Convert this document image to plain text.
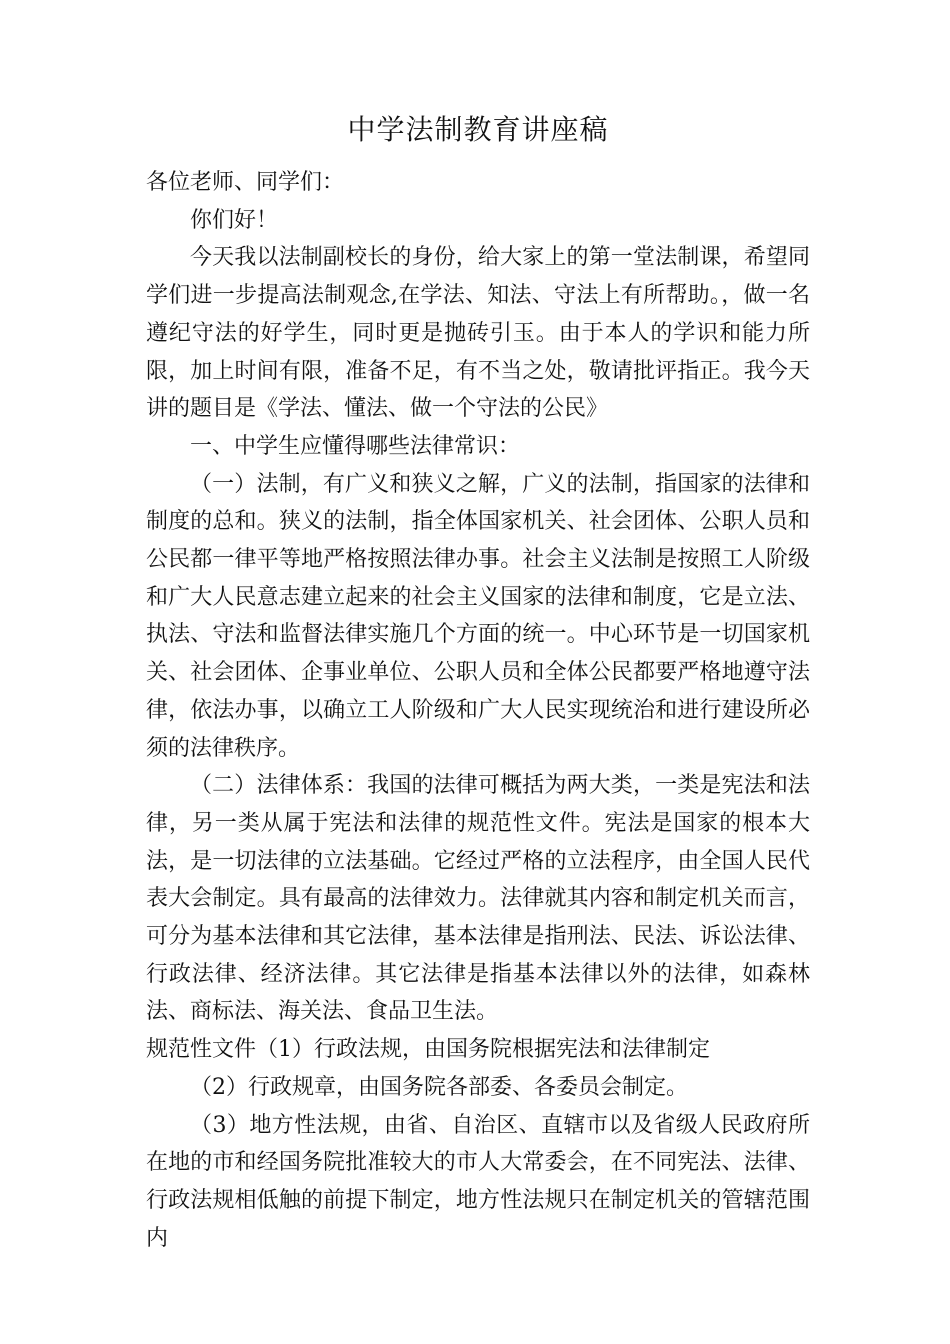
中学法制教育讲座稿

各位老师、同学们：

你们好！

今天我以法制副校长的身份，给大家上的第一堂法制课，希望同学们进一步提高法制观念,在学法、知法、守法上有所帮助。，做一名遵纪守法的好学生，同时更是抛砖引玉。由于本人的学识和能力所限，加上时间有限，准备不足，有不当之处，敬请批评指正。我今天讲的题目是《学法、懂法、做一个守法的公民》

一、中学生应懂得哪些法律常识：

（一）法制，有广义和狭义之解，广义的法制，指国家的法律和制度的总和。狭义的法制，指全体国家机关、社会团体、公职人员和公民都一律平等地严格按照法律办事。社会主义法制是按照工人阶级和广大人民意志建立起来的社会主义国家的法律和制度，它是立法、执法、守法和监督法律实施几个方面的统一。中心环节是一切国家机关、社会团体、企事业单位、公职人员和全体公民都要严格地遵守法律，依法办事，以确立工人阶级和广大人民实现统治和进行建设所必须的法律秩序。

（二）法律体系：我国的法律可概括为两大类，一类是宪法和法律，另一类从属于宪法和法律的规范性文件。宪法是国家的根本大法，是一切法律的立法基础。它经过严格的立法程序，由全国人民代表大会制定。具有最高的法律效力。法律就其内容和制定机关而言，可分为基本法律和其它法律，基本法律是指刑法、民法、诉讼法律、行政法律、经济法律。其它法律是指基本法律以外的法律，如森林法、商标法、海关法、食品卫生法。

规范性文件（1）行政法规，由国务院根据宪法和法律制定

（2）行政规章，由国务院各部委、各委员会制定。

（3）地方性法规，由省、自治区、直辖市以及省级人民政府所在地的市和经国务院批准较大的市人大常委会，在不同宪法、法律、行政法规相低触的前提下制定，地方性法规只在制定机关的管辖范围内
